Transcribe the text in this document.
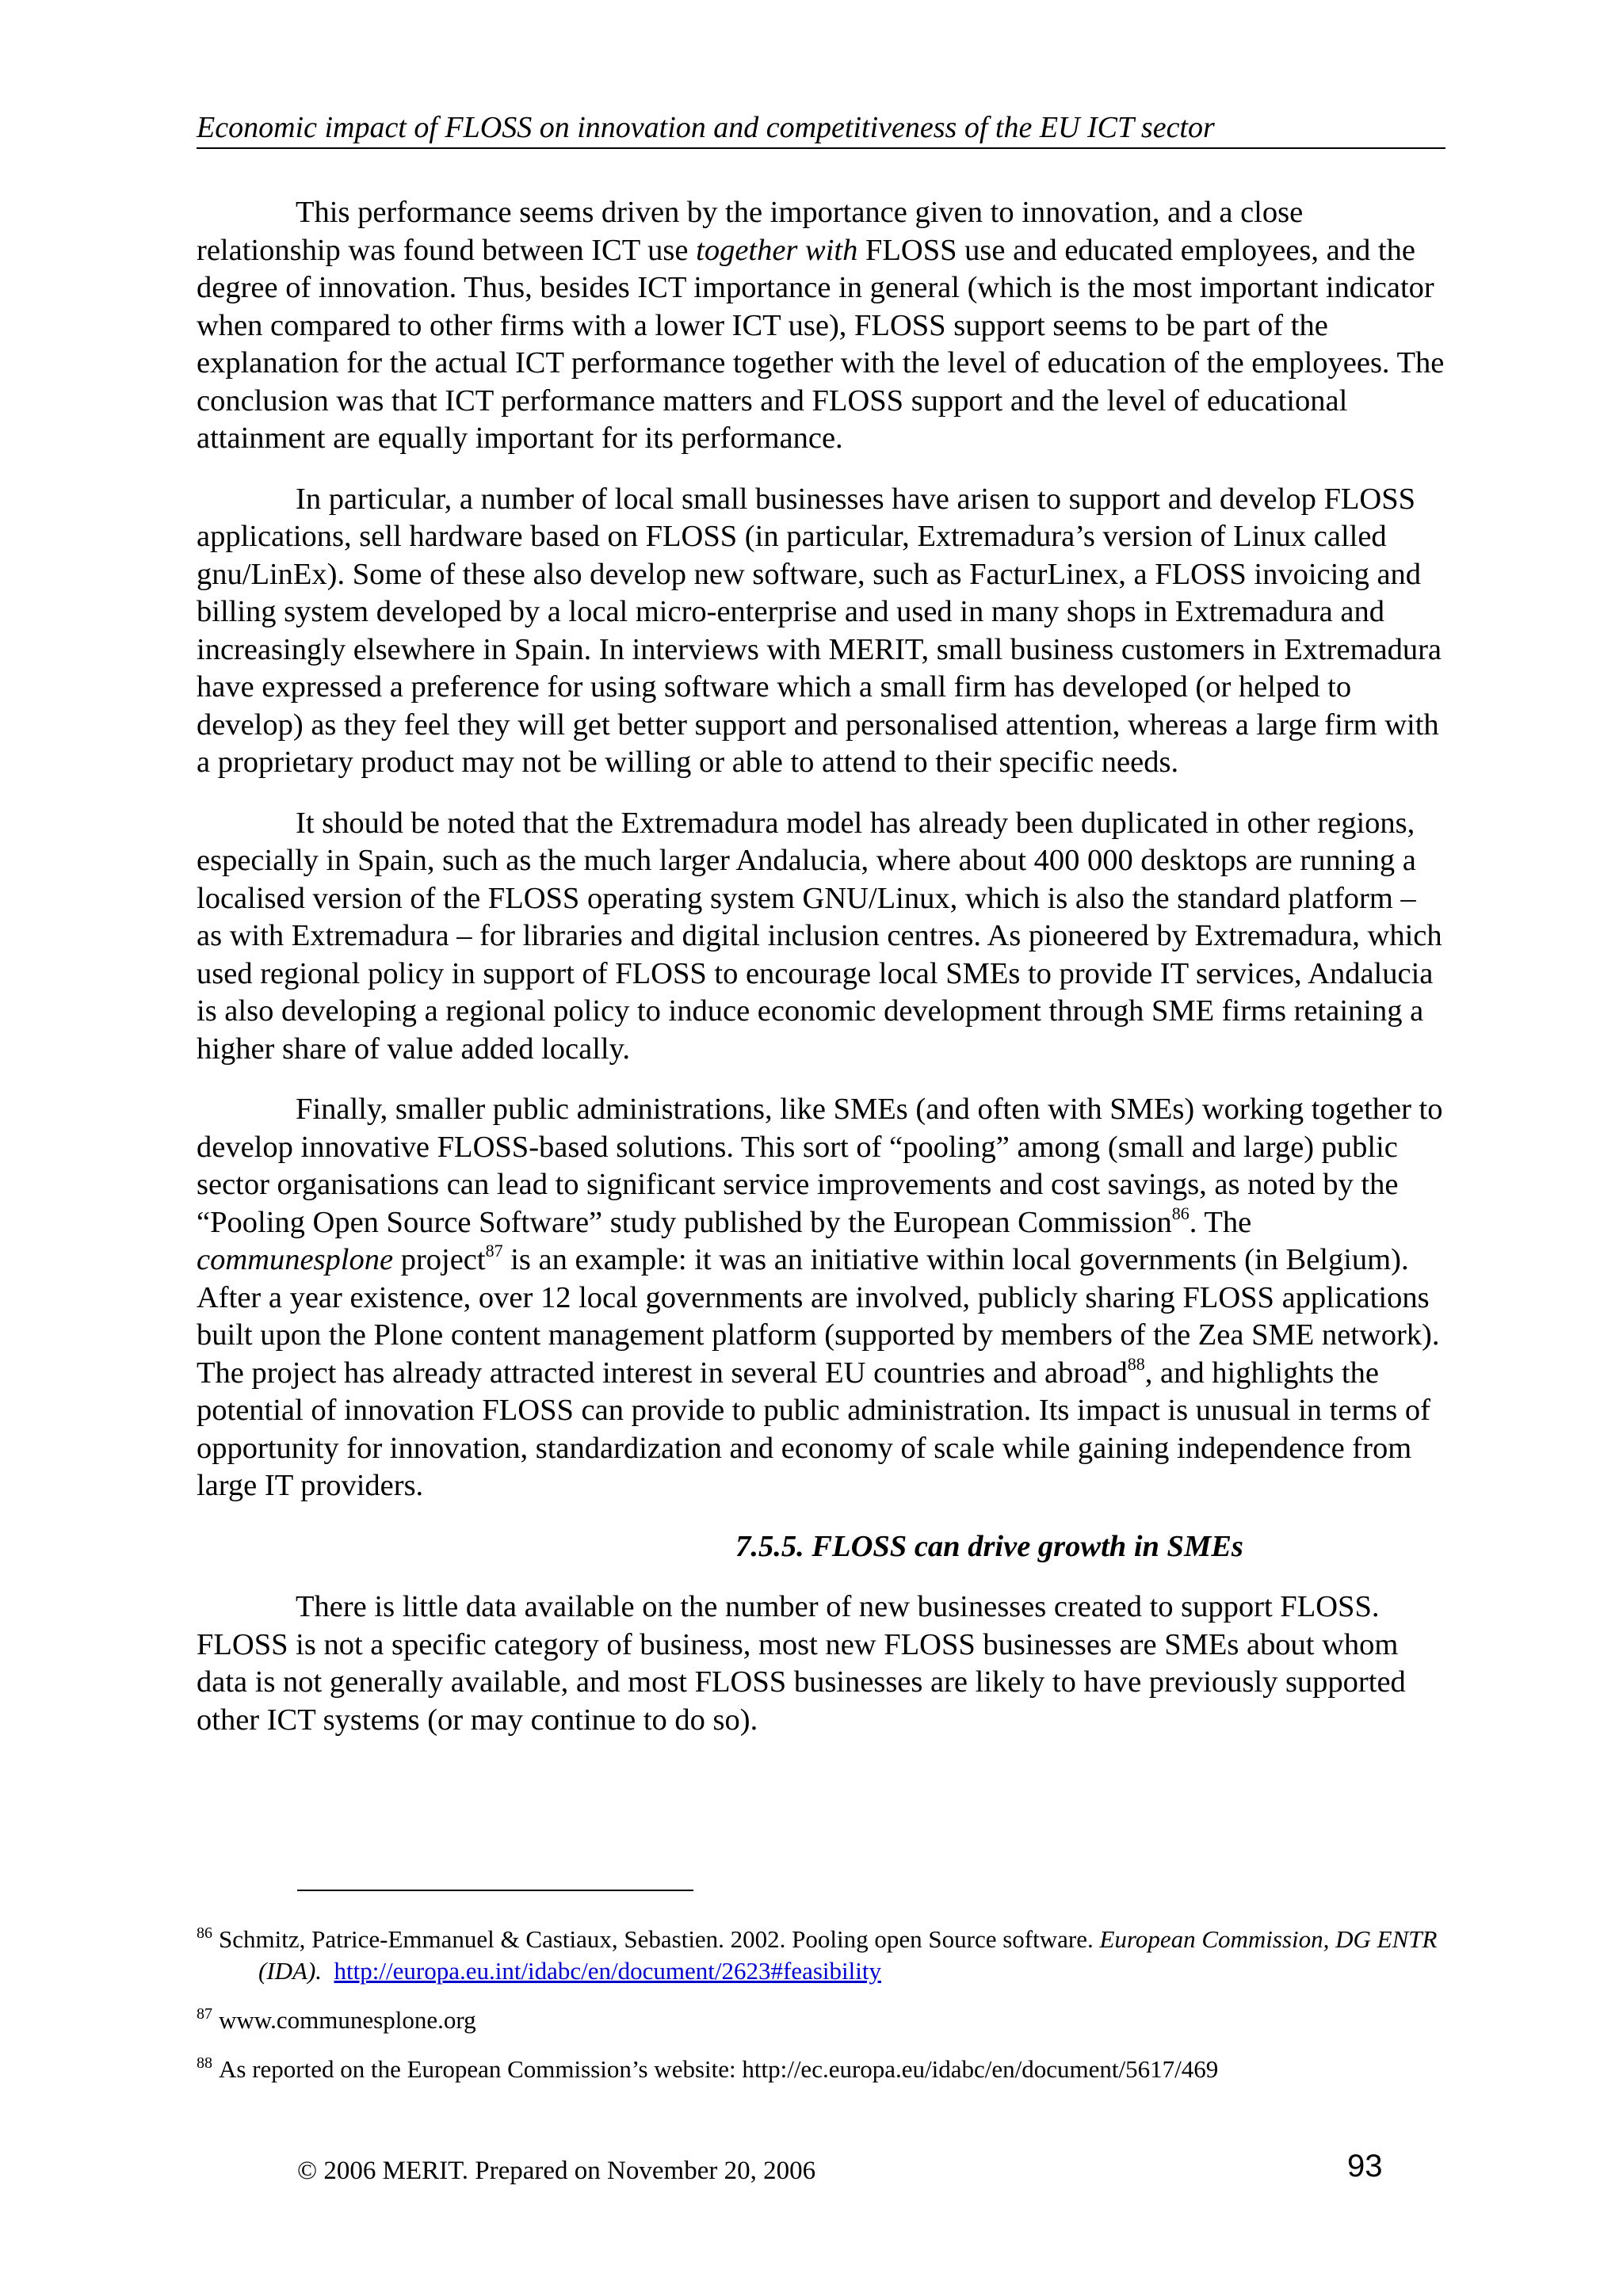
Economic impact of FLOSS on innovation and competitiveness of the EU ICT sector

This performance seems driven by the importance given to innovation, and a close relationship was found between ICT use together with FLOSS use and educated employees, and the degree of innovation. Thus, besides ICT importance in general (which is the most important indicator when compared to other firms with a lower ICT use), FLOSS support seems to be part of the explanation for the actual ICT performance together with the level of education of the employees. The conclusion was that ICT performance matters and FLOSS support and the level of educational attainment are equally important for its performance.

In particular, a number of local small businesses have arisen to support and develop FLOSS applications, sell hardware based on FLOSS (in particular, Extremadura’s version of Linux called gnu/LinEx). Some of these also develop new software, such as FacturLinex, a FLOSS invoicing and billing system developed by a local micro-enterprise and used in many shops in Extremadura and increasingly elsewhere in Spain. In interviews with MERIT, small business customers in Extremadura have expressed a preference for using software which a small firm has developed (or helped to develop) as they feel they will get better support and personalised attention, whereas a large firm with a proprietary product may not be willing or able to attend to their specific needs.

It should be noted that the Extremadura model has already been duplicated in other regions, especially in Spain, such as the much larger Andalucia, where about 400 000 desktops are running a localised version of the FLOSS operating system GNU/Linux, which is also the standard platform – as with Extremadura – for libraries and digital inclusion centres. As pioneered by Extremadura, which used regional policy in support of FLOSS to encourage local SMEs to provide IT services, Andalucia is also developing a regional policy to induce economic development through SME firms retaining a higher share of value added locally.

Finally, smaller public administrations, like SMEs (and often with SMEs) working together to develop innovative FLOSS-based solutions. This sort of “pooling” among (small and large) public sector organisations can lead to significant service improvements and cost savings, as noted by the “Pooling Open Source Software” study published by the European Commission$^{86}$. The communesplone project$^{87}$ is an example: it was an initiative within local governments (in Belgium). After a year existence, over 12 local governments are involved, publicly sharing FLOSS applications built upon the Plone content management platform (supported by members of the Zea SME network). The project has already attracted interest in several EU countries and abroad$^{88}$, and highlights the potential of innovation FLOSS can provide to public administration. Its impact is unusual in terms of opportunity for innovation, standardization and economy of scale while gaining independence from large IT providers.

7.5.5. FLOSS can drive growth in SMEs

There is little data available on the number of new businesses created to support FLOSS. FLOSS is not a specific category of business, most new FLOSS businesses are SMEs about whom data is not generally available, and most FLOSS businesses are likely to have previously supported other ICT systems (or may continue to do so).

$^{86}$ Schmitz, Patrice-Emmanuel & Castiaux, Sebastien. 2002. Pooling open Source software. European Commission, DG ENTR (IDA). http://europa.eu.int/idabc/en/document/2623#feasibility
$^{87}$ www.communesplone.org
$^{88}$ As reported on the European Commission’s website: http://ec.europa.eu/idabc/en/document/5617/469
© 2006 MERIT. Prepared on November 20, 2006	93
